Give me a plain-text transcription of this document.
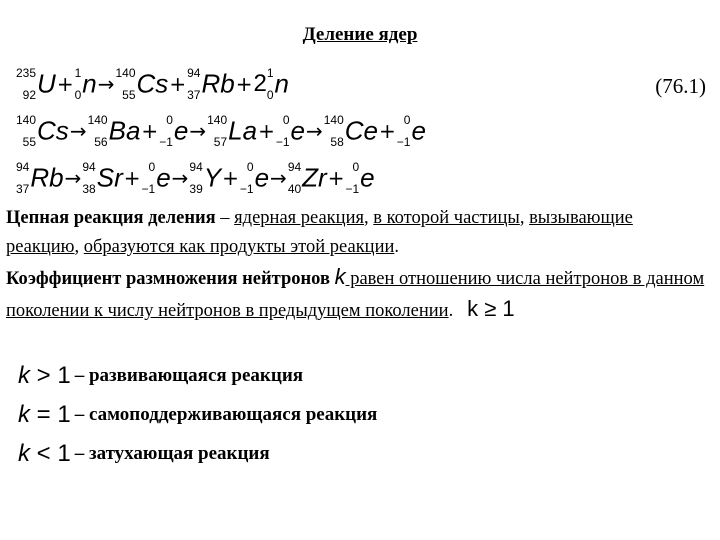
Деление ядер
(76.1)
235
92 U + 1
0 n → 140
55 Cs + 94
37 Rb + 2 1
0 n
140
55 Cs → 140
56 Ba + 0
−1 e → 140
57 La + 0
−1 e → 140
58 Ce + 0
−1 e
94
37 Rb → 94
38 Sr + 0
−1 e → 94
39 Y + 0
−1 e → 94
40 Zr + 0
−1 e
Цепная реакция деления – ядерная реакция, в которой частицы, вызывающие реакцию, образуются как продукты этой реакции.
Коэффициент размножения нейтронов k равен отношению числа нейтронов в данном поколении к числу нейтронов в предыдущем поколении. k ≥ 1
k > 1 – развивающаяся реакция
k = 1 – самоподдерживающаяся реакция
k < 1 – затухающая реакция
